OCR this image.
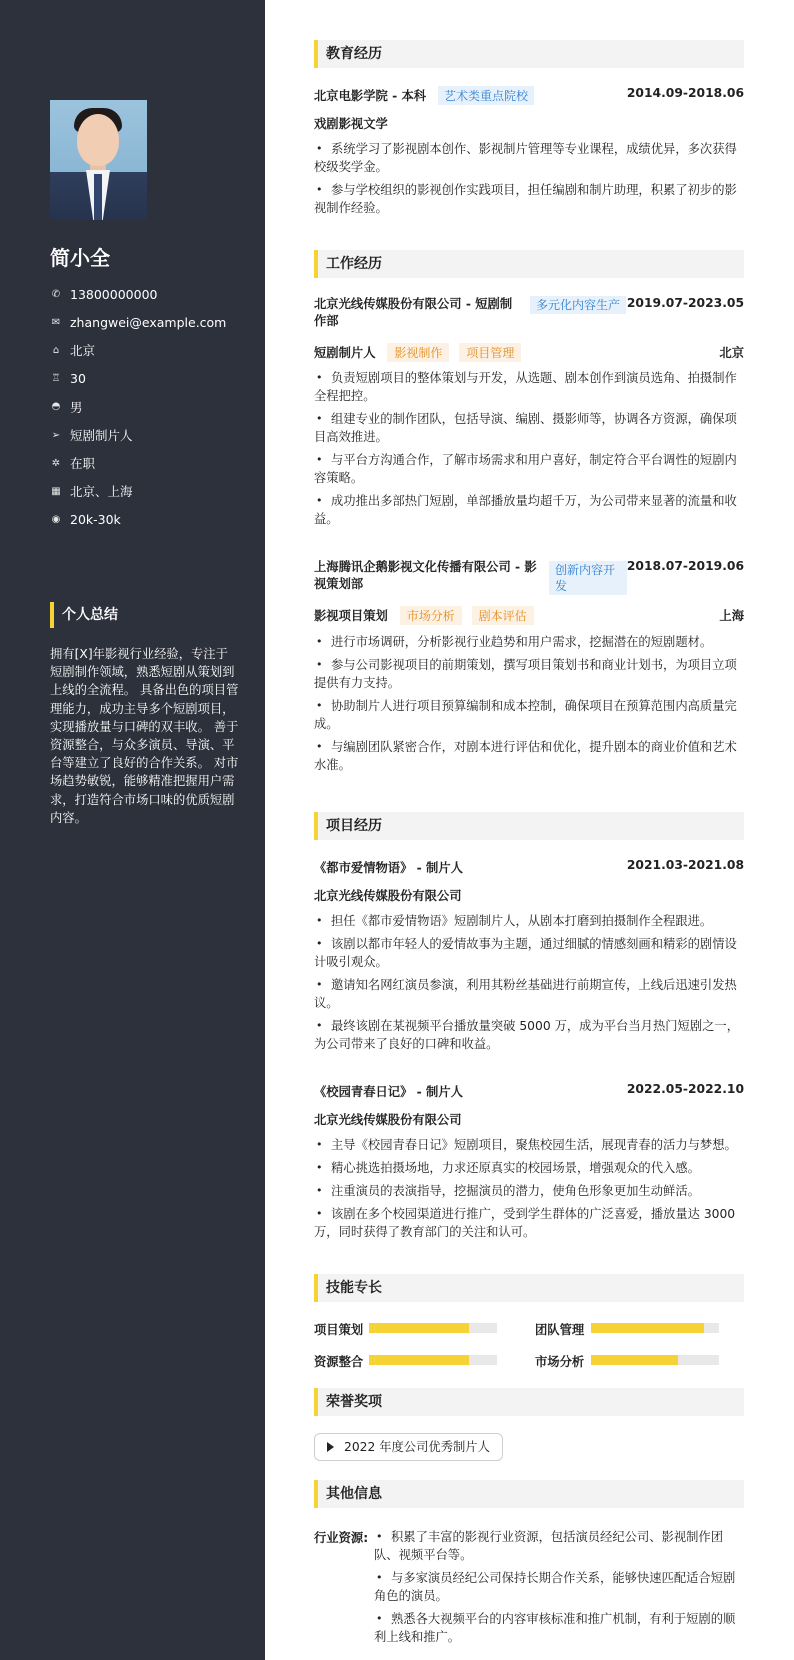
简小全
✆ 13800000000
✉ zhangwei@example.com
⌂ 北京
♖ 30
◓ 男
➢ 短剧制片人
✲ 在职
▦ 北京、上海
◉ 20k-30k
个人总结
拥有[X]年影视行业经验，专注于短剧制作领域，熟悉短剧从策划到上线的全流程。 具备出色的项目管理能力，成功主导多个短剧项目，实现播放量与口碑的双丰收。 善于资源整合，与众多演员、导演、平台等建立了良好的合作关系。 对市场趋势敏锐，能够精准把握用户需求，打造符合市场口味的优质短剧内容。
教育经历
北京电影学院 - 本科 艺术类重点院校	2014.09-2018.06
戏剧影视文学
• 系统学习了影视剧本创作、影视制片管理等专业课程，成绩优异，多次获得校级奖学金。
• 参与学校组织的影视创作实践项目，担任编剧和制片助理，积累了初步的影视制作经验。
工作经历
北京光线传媒股份有限公司 - 短剧制作部
多元化内容生产 2019.07-2023.05
短剧制片人 影视制作 项目管理	北京
• 负责短剧项目的整体策划与开发，从选题、剧本创作到演员选角、拍摄制作全程把控。
• 组建专业的制作团队，包括导演、编剧、摄影师等，协调各方资源，确保项目高效推进。
• 与平台方沟通合作，了解市场需求和用户喜好，制定符合平台调性的短剧内容策略。
• 成功推出多部热门短剧，单部播放量均超千万，为公司带来显著的流量和收益。
上海腾讯企鹅影视文化传播有限公司 - 影视策划部
创新内容开发
2018.07-2019.06
影视项目策划 市场分析 剧本评估	上海
• 进行市场调研，分析影视行业趋势和用户需求，挖掘潜在的短剧题材。
• 参与公司影视项目的前期策划，撰写项目策划书和商业计划书，为项目立项提供有力支持。
• 协助制片人进行项目预算编制和成本控制，确保项目在预算范围内高质量完成。
• 与编剧团队紧密合作，对剧本进行评估和优化，提升剧本的商业价值和艺术水准。
项目经历
《都市爱情物语》 - 制片人	2021.03-2021.08
北京光线传媒股份有限公司
• 担任《都市爱情物语》短剧制片人，从剧本打磨到拍摄制作全程跟进。
• 该剧以都市年轻人的爱情故事为主题，通过细腻的情感刻画和精彩的剧情设计吸引观众。
• 邀请知名网红演员参演，利用其粉丝基础进行前期宣传，上线后迅速引发热议。
• 最终该剧在某视频平台播放量突破 5000 万，成为平台当月热门短剧之一，为公司带来了良好的口碑和收益。
《校园青春日记》 - 制片人	2022.05-2022.10
北京光线传媒股份有限公司
• 主导《校园青春日记》短剧项目，聚焦校园生活，展现青春的活力与梦想。
• 精心挑选拍摄场地，力求还原真实的校园场景，增强观众的代入感。
• 注重演员的表演指导，挖掘演员的潜力，使角色形象更加生动鲜活。
• 该剧在多个校园渠道进行推广，受到学生群体的广泛喜爱，播放量达 3000 万，同时获得了教育部门的关注和认可。
技能专长
项目策划	团队管理
资源整合	市场分析
荣誉奖项
2022 年度公司优秀制片人
其他信息
行业资源:
•	积累了丰富的影视行业资源，包括演员经纪公司、影视制作团队、视频平台等。
• 与多家演员经纪公司保持长期合作关系，能够快速匹配适合短剧角色的演员。
• 熟悉各大视频平台的内容审核标准和推广机制，有利于短剧的顺利上线和推广。
